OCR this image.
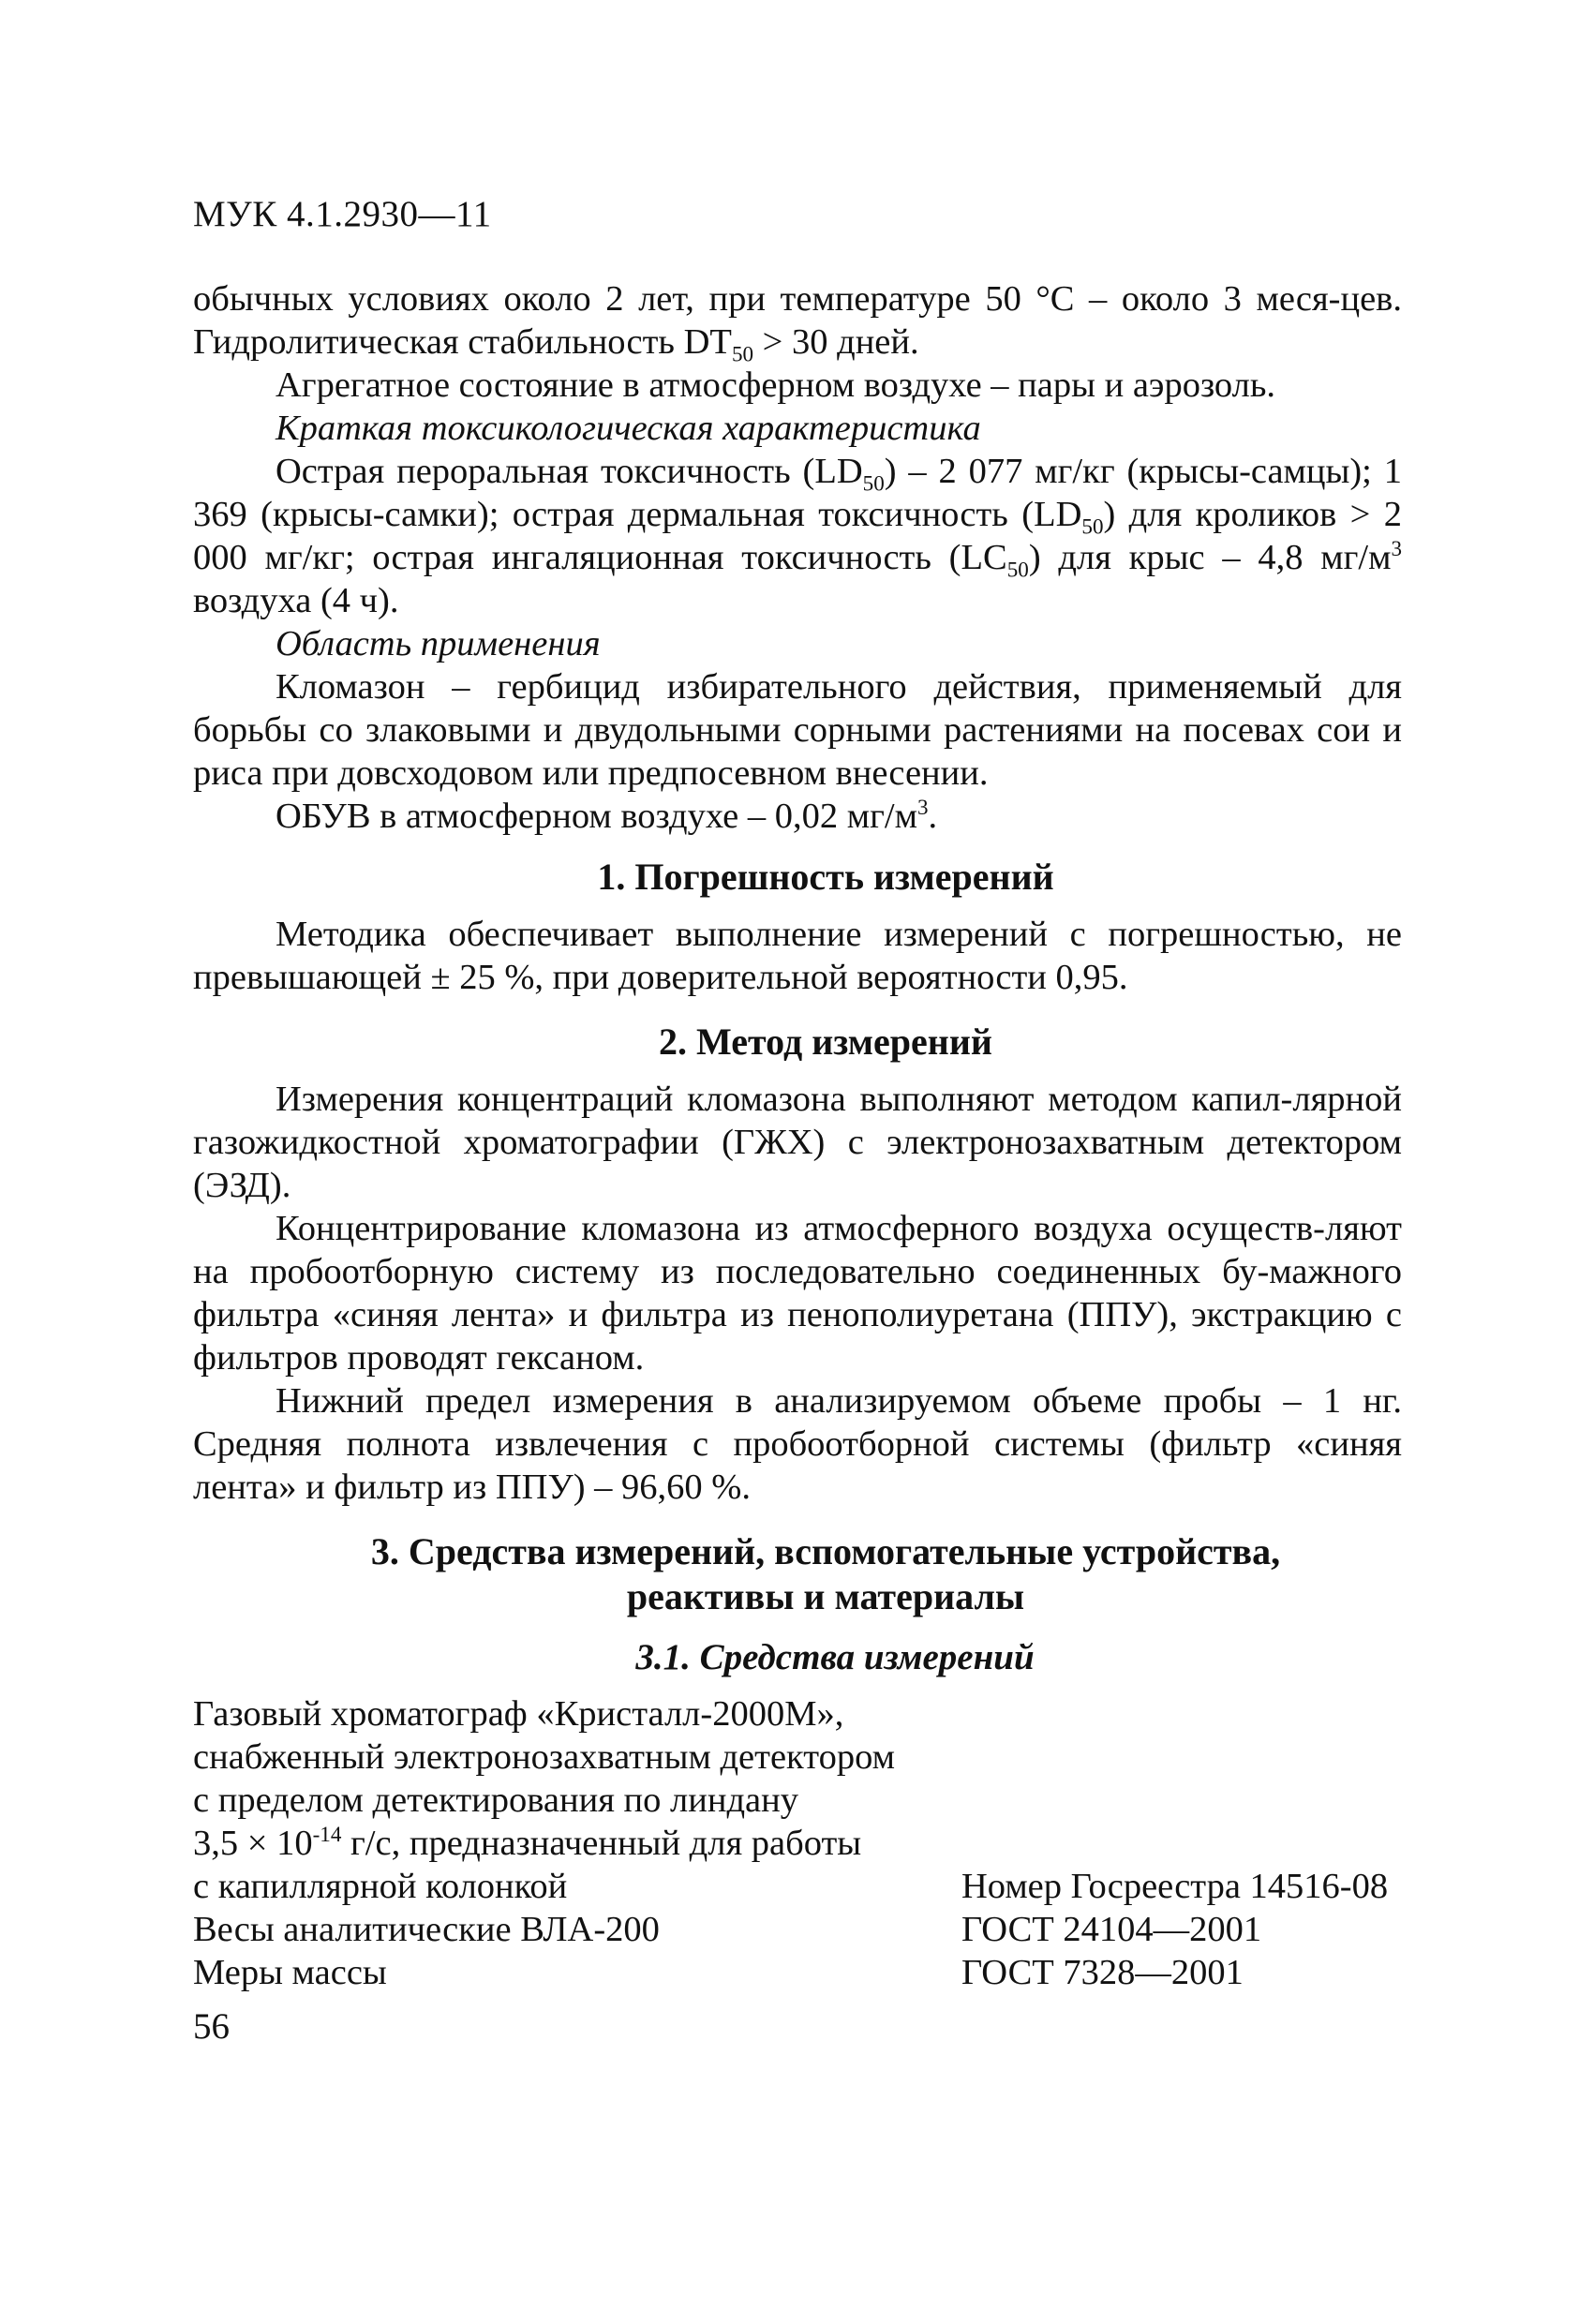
МУК 4.1.2930—11

обычных условиях около 2 лет, при температуре 50 °С – около 3 меся-цев. Гидролитическая стабильность $DT_{50} > 30$ дней.

Агрегатное состояние в атмосферном воздухе – пары и аэрозоль.

Краткая токсикологическая характеристика

Острая пероральная токсичность $(LD_{50}) - 2$ 077 мг/кг (крысы-самцы); 1 369 (крысы-самки); острая дермальная токсичность $(LD_{50})$ для кроликов > 2 000 мг/кг; острая ингаляционная токсичность $(LC_{50})$ для крыс – 4,8 $мг/м^3$ воздуха (4 ч).

Область применения

Кломазон – гербицид избирательного действия, применяемый для борьбы со злаковыми и двудольными сорными растениями на посевах сои и риса при довсходовом или предпосевном внесении.

ОБУВ в атмосферном воздухе – 0,02 $мг/м^3$.

1. Погрешность измерений

Методика обеспечивает выполнение измерений с погрешностью, не превышающей ± 25 %, при доверительной вероятности 0,95.

2. Метод измерений

Измерения концентраций кломазона выполняют методом капил-лярной газожидкостной хроматографии (ГЖХ) с электронозахватным детектором (ЭЗД).

Концентрирование кломазона из атмосферного воздуха осуществ-ляют на пробоотборную систему из последовательно соединенных бу-мажного фильтра «синяя лента» и фильтра из пенополиуретана (ППУ), экстракцию с фильтров проводят гексаном.

Нижний предел измерения в анализируемом объеме пробы – 1 нг. Средняя полнота извлечения с пробоотборной системы (фильтр «синяя лента» и фильтр из ППУ) – 96,60 %.

3. Средства измерений, вспомогательные устройства,

реактивы и материалы

3.1. Средства измерений

Газовый хроматограф «Кристалл-2000М»,
снабженный электронозахватным детектором
с пределом детектирования по линдану
$3,5 \times 10^{-14}$ г/с, предназначенный для работы
с капиллярной колонкой	Номер Госреестра 14516-08
Весы аналитические ВЛА-200	ГОСТ 24104—2001
Меры массы	ГОСТ 7328—2001
56
